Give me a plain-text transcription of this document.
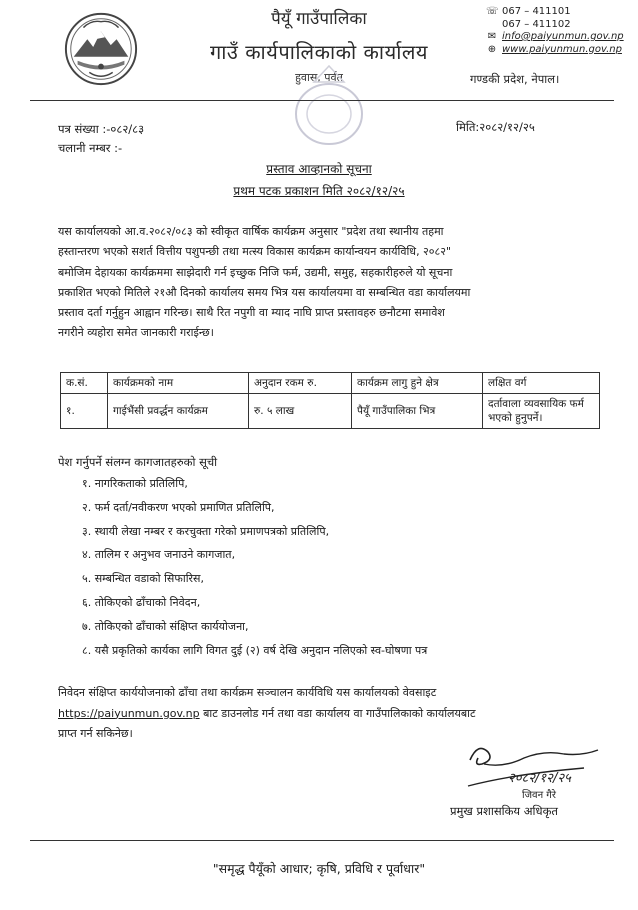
पैयूँ गाउँपालिका
गाउँ कार्यपालिकाको कार्यालय
हुवास, पर्वत
☏ 067 – 411101
067 – 411102
✉ info@paiyunmun.gov.np
⊕ www.paiyunmun.gov.np
गण्डकी प्रदेश, नेपाल।
पत्र संख्या :-०८२/८३
चलानी नम्बर :-
मिति:२०८२/१२/२५
प्रस्ताव आव्हानको सूचना
प्रथम पटक प्रकाशन मिति २०८२/१२/२५
यस कार्यालयको आ.व.२०८२/०८३ को स्वीकृत वार्षिक कार्यक्रम अनुसार "प्रदेश तथा स्थानीय तहमा
हस्तान्तरण भएको सशर्त वित्तीय पशुपन्छी तथा मत्स्य विकास कार्यक्रम कार्यान्वयन कार्यविधि, २०८२"
बमोजिम देहायका कार्यक्रममा साझेदारी गर्न इच्छुक निजि फर्म, उद्यमी, समुह, सहकारीहरुले यो सूचना
प्रकाशित भएको मितिले २१औ दिनको कार्यालय समय भित्र यस कार्यालयमा वा सम्बन्धित वडा कार्यालयमा
प्रस्ताव दर्ता गर्नुहुन आह्वान गरिन्छ। साथै रित नपुगी वा म्याद नाघि प्राप्त प्रस्तावहरु छनौटमा समावेश
नगरीने व्यहोरा समेत जानकारी गराईन्छ।
क.सं.	कार्यक्रमको नाम	अनुदान रकम रु.	कार्यक्रम लागु हुने क्षेत्र	लक्षित वर्ग
१.	गाईभैंसी प्रवर्द्धन कार्यक्रम	रु. ५ लाख	पैयूँ गाउँपालिका भित्र	दर्तावाला व्यवसायिक फर्म भएको हुनुपर्ने।
पेश गर्नुपर्ने संलग्न कागजातहरुको सूची
१. नागरिकताको प्रतिलिपि,
२. फर्म दर्ता/नवीकरण भएको प्रमाणित प्रतिलिपि,
३. स्थायी लेखा नम्बर र करचुक्ता गरेको प्रमाणपत्रको प्रतिलिपि,
४. तालिम र अनुभव जनाउने कागजात,
५. सम्बन्धित वडाको सिफारिस,
६. तोकिएको ढाँचाको निवेदन,
७. तोकिएको ढाँचाको संक्षिप्त कार्ययोजना,
८. यसै प्रकृतिको कार्यका लागि विगत दुई (२) वर्ष देखि अनुदान नलिएको स्व-घोषणा पत्र
निवेदन संक्षिप्त कार्ययोजनाको ढाँचा तथा कार्यक्रम सञ्चालन कार्यविधि यस कार्यालयको वेवसाइट
https://paiyunmun.gov.np बाट डाउनलोड गर्न तथा वडा कार्यालय वा गाउँपालिकाको कार्यालयबाट
प्राप्त गर्न सकिनेछ।
२०८२/१२/२५
जिवन गैरे
प्रमुख प्रशासकिय अधिकृत
"समृद्ध पैयूँको आधार; कृषि, प्रविधि र पूर्वाधार"
